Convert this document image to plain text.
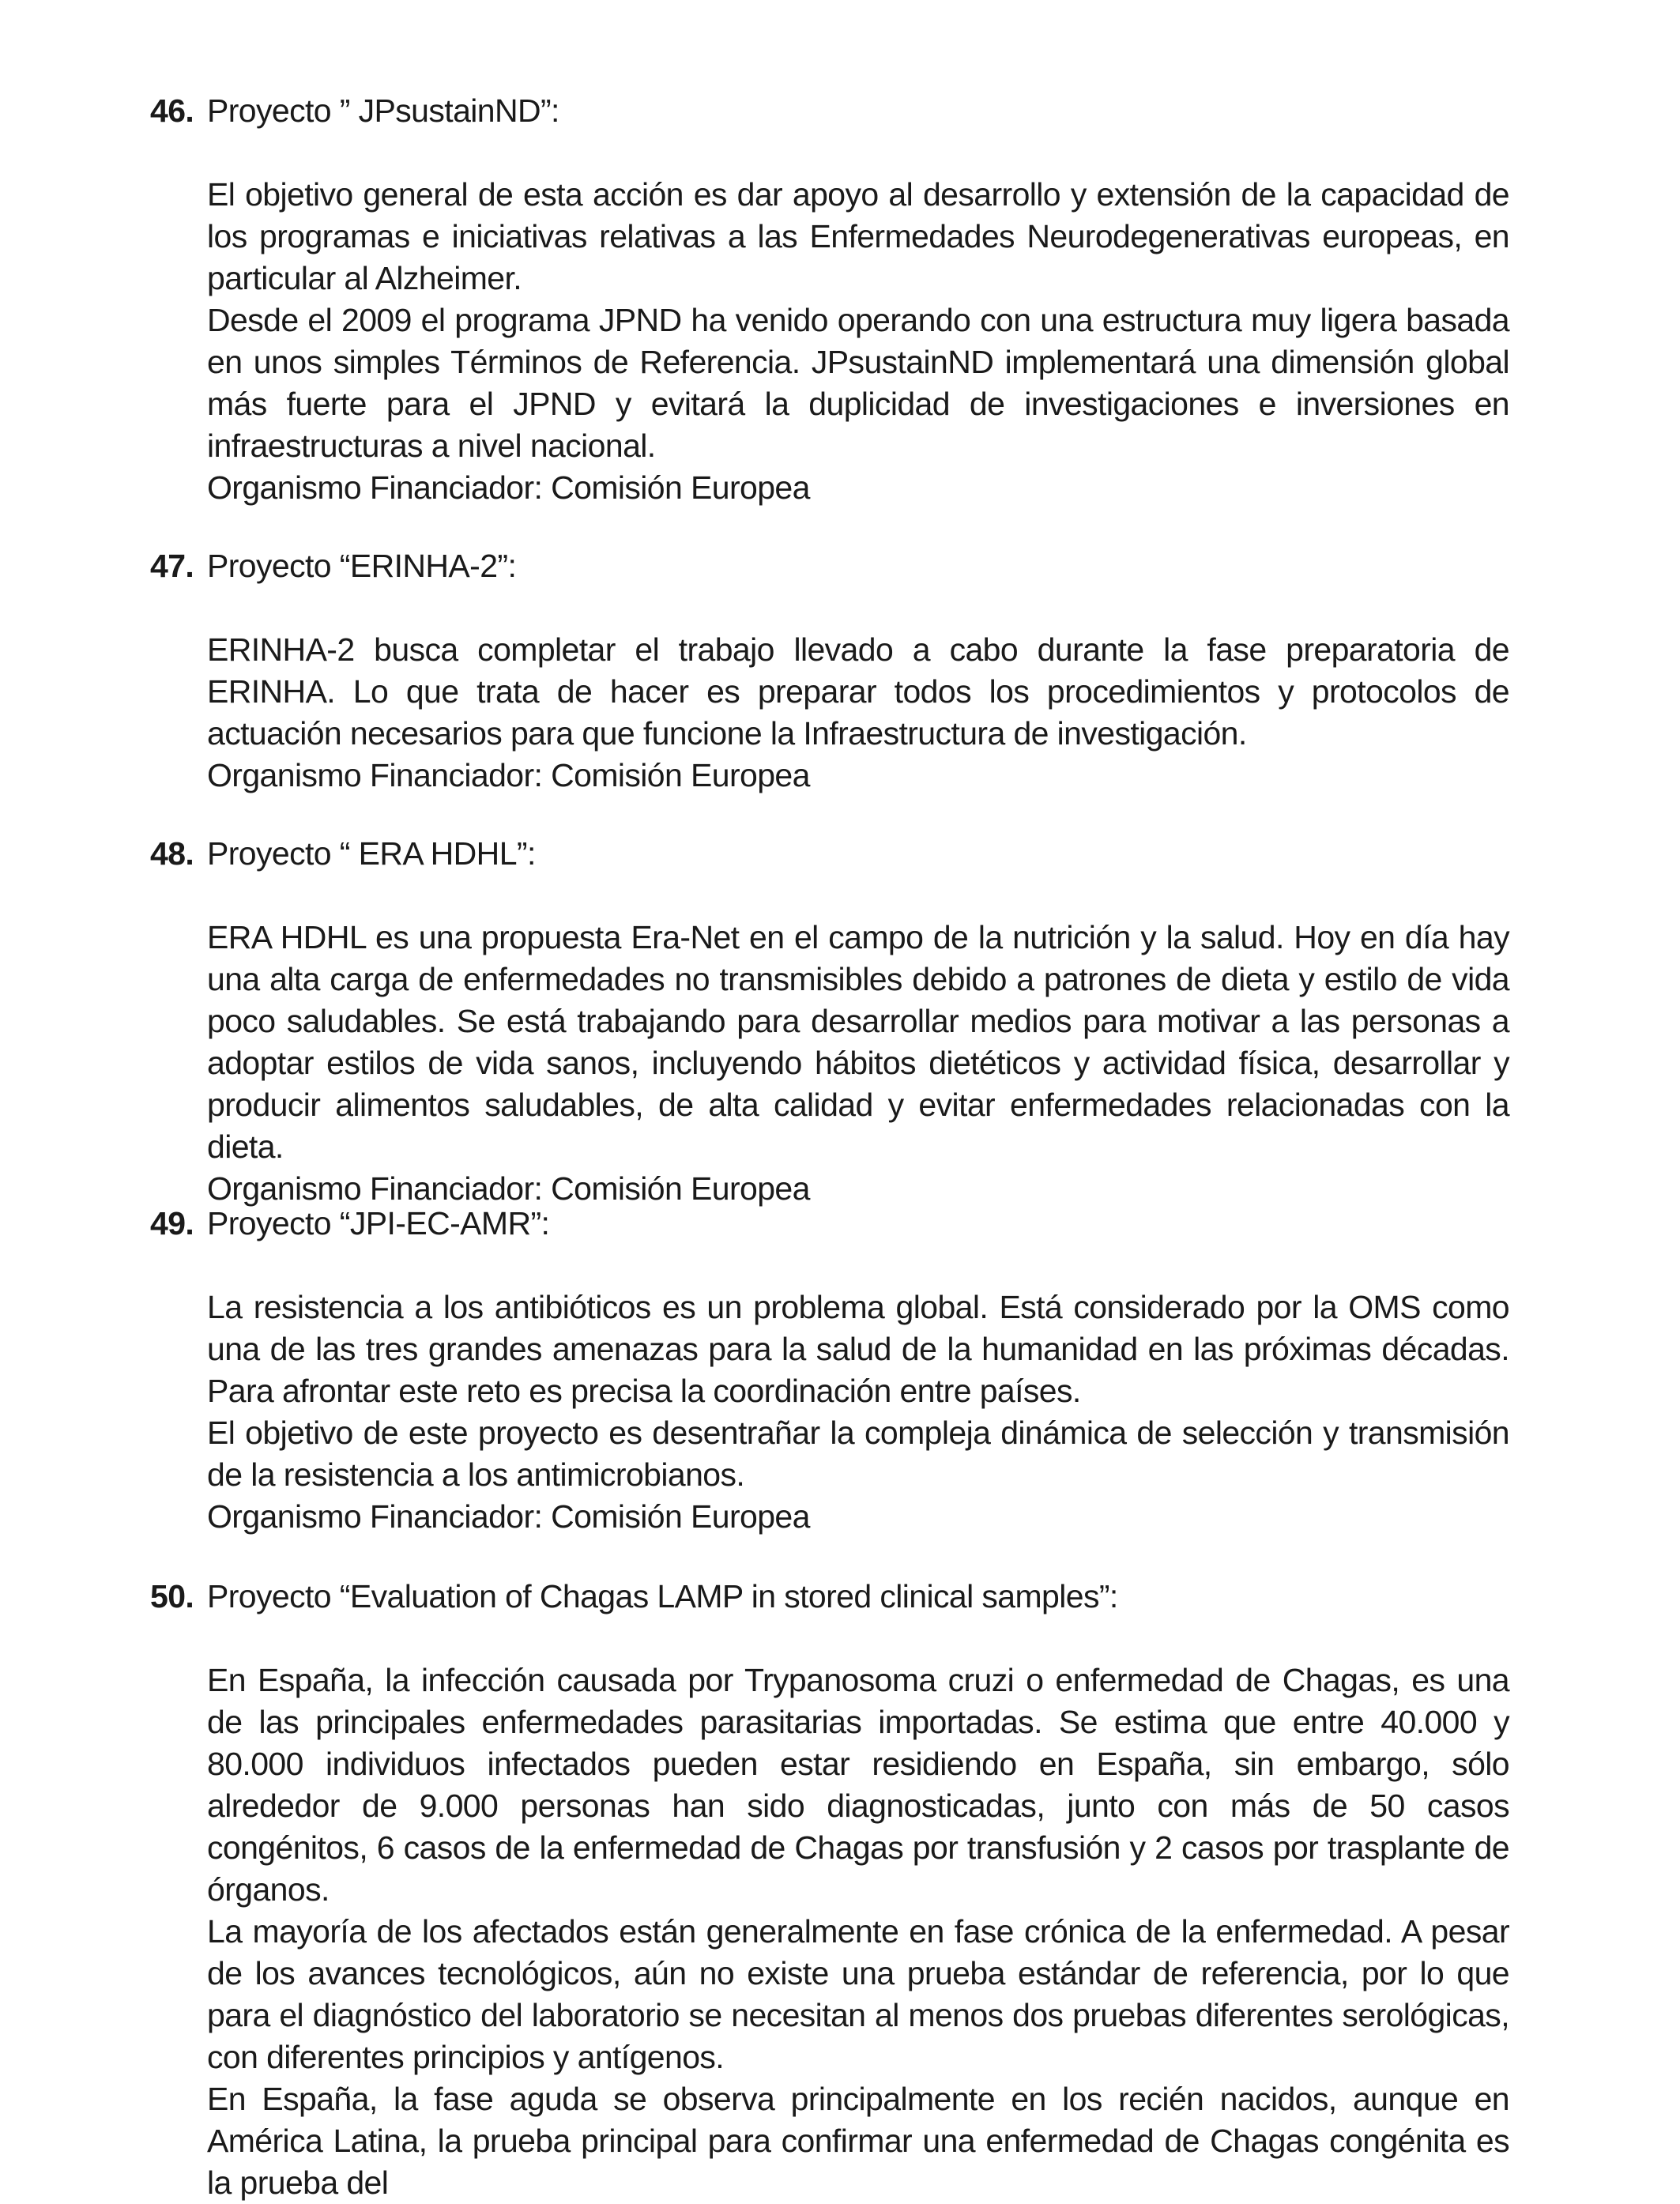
46. Proyecto ” JPsustainND”:

El objetivo general de esta acción es dar apoyo al desarrollo y extensión de la capacidad de los programas e iniciativas relativas a las Enfermedades Neurodegenerativas europeas, en particular al Alzheimer.

Desde el 2009 el programa JPND ha venido operando con una estructura muy ligera basada en unos simples Términos de Referencia. JPsustainND implementará una dimensión global más fuerte para el JPND y evitará la duplicidad de investigaciones e inversiones en infraestructuras a nivel nacional.

Organismo Financiador: Comisión Europea
47. Proyecto “ERINHA-2”:

ERINHA-2 busca completar el trabajo llevado a cabo durante la fase preparatoria de ERINHA. Lo que trata de hacer es preparar todos los procedimientos y protocolos de actuación necesarios para que funcione la Infraestructura de investigación.

Organismo Financiador: Comisión Europea
48. Proyecto “ ERA HDHL”:

ERA HDHL es una propuesta Era-Net en el campo de la nutrición y la salud. Hoy en día hay una alta carga de enfermedades no transmisibles debido a patrones de dieta y estilo de vida poco saludables. Se está trabajando para desarrollar medios para motivar a las personas a adoptar estilos de vida sanos, incluyendo hábitos dietéticos y actividad física, desarrollar y producir alimentos saludables, de alta calidad y evitar enfermedades relacionadas con la dieta.

Organismo Financiador: Comisión Europea
49. Proyecto “JPI-EC-AMR”:

La resistencia a los antibióticos es un problema global. Está considerado por la OMS como una de las tres grandes amenazas para la salud de la humanidad en las próximas décadas. Para afrontar este reto es precisa la coordinación entre países.

El objetivo de este proyecto es desentrañar la compleja dinámica de selección y transmisión de la resistencia a los antimicrobianos.

Organismo Financiador: Comisión Europea
50. Proyecto “Evaluation of Chagas LAMP in stored clinical samples”:

En España, la infección causada por Trypanosoma cruzi o enfermedad de Chagas, es una de las principales enfermedades parasitarias importadas. Se estima que entre 40.000 y 80.000 individuos infectados pueden estar residiendo en España, sin embargo, sólo alrededor de 9.000 personas han sido diagnosticadas, junto con más de 50 casos congénitos, 6 casos de la enfermedad de Chagas por transfusión y 2 casos por trasplante de órganos.

La mayoría de los afectados están generalmente en fase crónica de la enfermedad. A pesar de los avances tecnológicos, aún no existe una prueba estándar de referencia, por lo que para el diagnóstico del laboratorio se necesitan al menos dos pruebas diferentes serológicas, con diferentes principios y antígenos.

En España, la fase aguda se observa principalmente en los recién nacidos, aunque en América Latina, la prueba principal para confirmar una enfermedad de Chagas congénita es la prueba del
